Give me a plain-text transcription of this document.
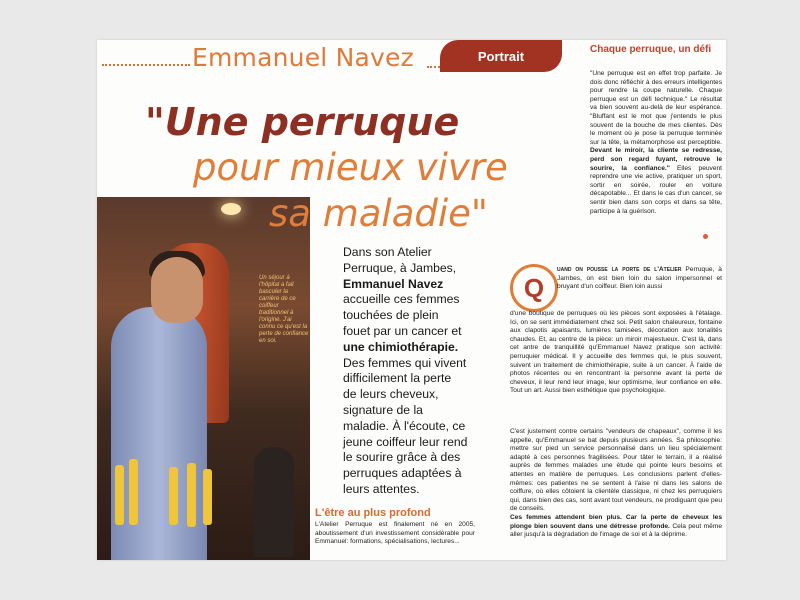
Emmanuel Navez	Portrait
"Une perruque
pour mieux vivre
Un séjour à l'hôpital a fait basculer la carrière de ce coiffeur traditionnel à l'origine. J'ai connu ce qu'est la perte de confiance en soi.
sa maladie"
Dans son Atelier Perruque, à Jambes, Emmanuel Navez accueille ces femmes touchées de plein fouet par un cancer et une chimiothérapie. Des femmes qui vivent difficilement la perte de leurs cheveux, signature de la maladie. À l'écoute, ce jeune coiffeur leur rend le sourire grâce à des perruques adaptées à leurs attentes.
L'être au plus profond
L'Atelier Perruque est finalement né en 2005, aboutissement d'un investissement considérable pour Emmanuel: formations, spécialisations, lectures...
Chaque perruque, un défi
"Une perruque est en effet trop parfaite. Je dois donc réfléchir à des erreurs intelligentes pour rendre la coupe naturelle. Chaque perruque est un défi technique." Le résultat va bien souvent au-delà de leur espérance. "Bluffant est le mot que j'entends le plus souvent de la bouche de mes clientes. Dès le moment où je pose la perruque terminée sur la tête, la métamorphose est perceptible. Devant le miroir, la cliente se redresse, perd son regard fuyant, retrouve le sourire, la confiance." Elles peuvent reprendre une vie active, pratiquer un sport, sortir en soirée, rouler en voiture décapotable... Et dans le cas d'un cancer, se sentir bien dans son corps et dans sa tête, participe à la guérison.
Q
uand on pousse la porte de l'Atelier Perruque, à Jambes, on est bien loin du salon impersonnel et bruyant d'un coiffeur. Bien loin aussi
d'une boutique de perruques où les pièces sont exposées à l'étalage. Ici, on se sent immédiatement chez soi. Petit salon chaleureux, fontaine aux clapotis apaisants, lumières tamisées, décoration aux tonalités chaudes. Et, au centre de la pièce: un miroir majestueux. C'est là, dans cet antre de tranquillité qu'Emmanuel Navez pratique son activité: perruquier médical. Il y accueille des femmes qui, le plus souvent, suivent un traitement de chimiothérapie, suite à un cancer. À l'aide de photos récentes ou en rencontrant la personne avant la perte de cheveux, il leur rend leur image, leur optimisme, leur confiance en elle. Tout un art. Aussi bien esthétique que psychologique.
C'est justement contre certains "vendeurs de chapeaux", comme il les appelle, qu'Emmanuel se bat depuis plusieurs années. Sa philosophie: mettre sur pied un service personnalisé dans un lieu spécialement adapté à ces personnes fragilisées. Pour tâter le terrain, il a réalisé auprès de femmes malades une étude qui pointe leurs besoins et attentes en matière de perruques. Les conclusions parlent d'elles-mêmes: ces patientes ne se sentent à l'aise ni dans les salons de coiffure, où elles côtoient la clientèle classique, ni chez les perruquiers qui, dans bien des cas, sont avant tout vendeurs, ne prodiguant que peu de conseils.
Ces femmes attendent bien plus. Car la perte de cheveux les plonge bien souvent dans une détresse profonde. Cela peut même aller jusqu'à la dégradation de l'image de soi et à la déprime.
